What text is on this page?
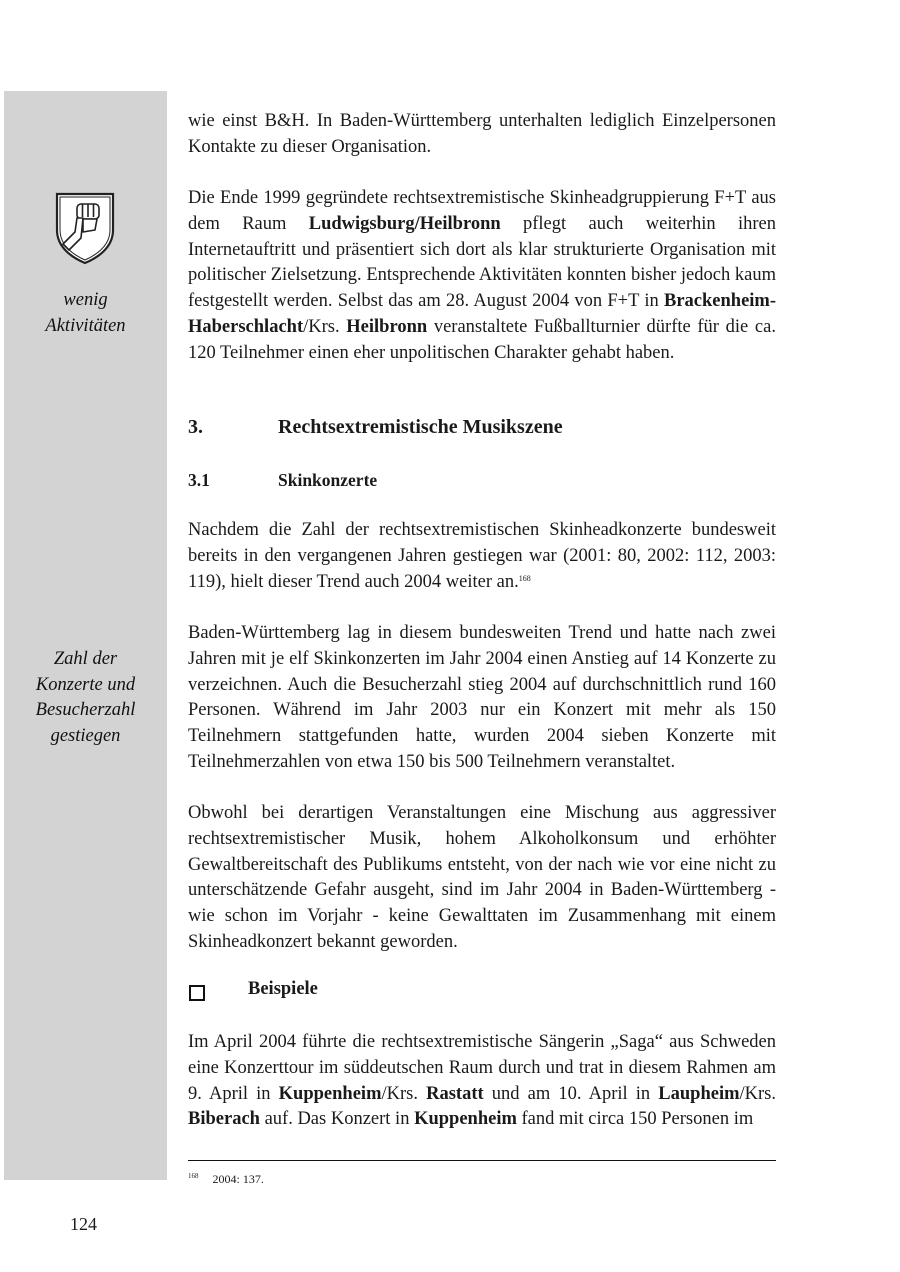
wenig
Aktivitäten
Zahl der
Konzerte und
Besucherzahl
gestiegen

wie einst B&H. In Baden-Württemberg unterhalten lediglich Einzelpersonen Kontakte zu dieser Organisation.

Die Ende 1999 gegründete rechtsextremistische Skinheadgruppierung F+T aus dem Raum Ludwigsburg/Heilbronn pflegt auch weiterhin ihren Internetauftritt und präsentiert sich dort als klar strukturierte Organisation mit politischer Zielsetzung. Entsprechende Aktivitäten konnten bisher jedoch kaum festgestellt werden. Selbst das am 28. August 2004 von F+T in Brackenheim-Haberschlacht/Krs. Heilbronn veranstaltete Fußballturnier dürfte für die ca. 120 Teilnehmer einen eher unpolitischen Charakter gehabt haben.

3.	Rechtsextremistische Musikszene
3.1	Skinkonzerte

Nachdem die Zahl der rechtsextremistischen Skinheadkonzerte bundesweit bereits in den vergangenen Jahren gestiegen war (2001: 80, 2002: 112, 2003: 119), hielt dieser Trend auch 2004 weiter an.$^{168}$

Baden-Württemberg lag in diesem bundesweiten Trend und hatte nach zwei Jahren mit je elf Skinkonzerten im Jahr 2004 einen Anstieg auf 14 Konzerte zu verzeichnen. Auch die Besucherzahl stieg 2004 auf durchschnittlich rund 160 Personen. Während im Jahr 2003 nur ein Konzert mit mehr als 150 Teilnehmern stattgefunden hatte, wurden 2004 sieben Konzerte mit Teilnehmerzahlen von etwa 150 bis 500 Teilnehmern veranstaltet.

Obwohl bei derartigen Veranstaltungen eine Mischung aus aggressiver rechtsextremistischer Musik, hohem Alkoholkonsum und erhöhter Gewaltbereitschaft des Publikums entsteht, von der nach wie vor eine nicht zu unterschätzende Gefahr ausgeht, sind im Jahr 2004 in Baden-Württemberg - wie schon im Vorjahr - keine Gewalttaten im Zusammenhang mit einem Skinheadkonzert bekannt geworden.

Beispiele

Im April 2004 führte die rechtsextremistische Sängerin „Saga“ aus Schweden eine Konzerttour im süddeutschen Raum durch und trat in diesem Rahmen am 9. April in Kuppenheim/Krs. Rastatt und am 10. April in Laupheim/Krs. Biberach auf. Das Konzert in Kuppenheim fand mit circa 150 Personen im

$^{168}$ 2004: 137.
124
